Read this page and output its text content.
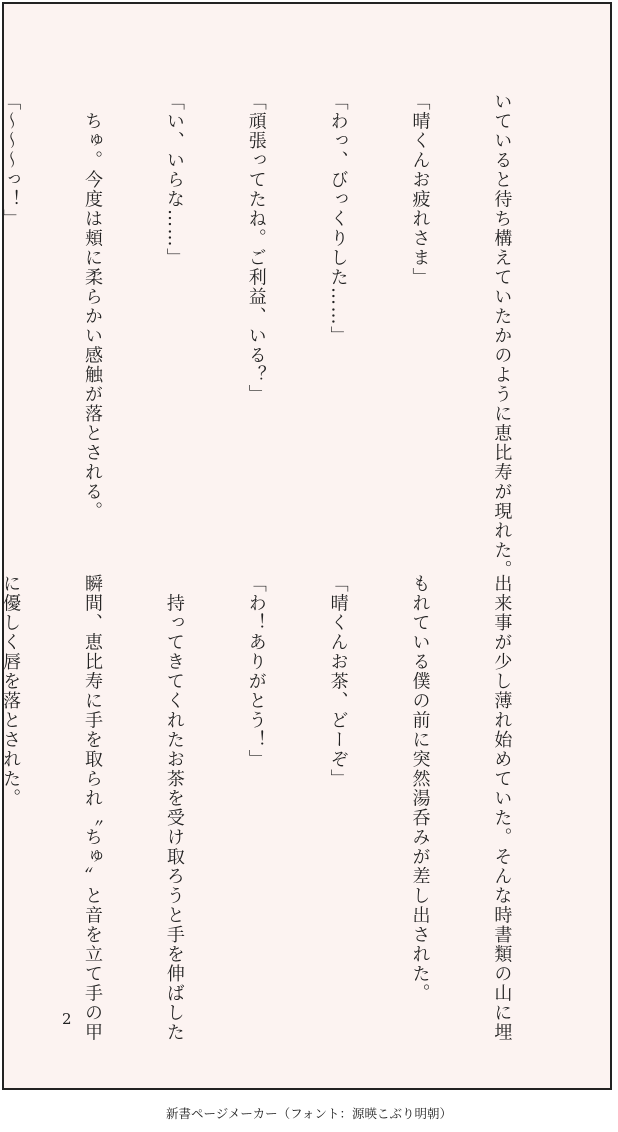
いていると待ち構えていたかのように恵比寿が現れた。

「晴くんお疲れさま」

「わっ、びっくりした……」

「頑張ってたね。ご利益、いる？」

「い、いらな……」

　ちゅ。今度は頬に柔らかい感触が落とされる。

「〜〜〜っ！」

出来事が少し薄れ始めていた。そんな時書類の山に埋

もれている僕の前に突然湯呑みが差し出された。

「晴くんお茶、どーぞ」

「わ！ありがとう！」

　持ってきてくれたお茶を受け取ろうと手を伸ばした

瞬間、恵比寿に手を取られ〝ちゅ〟と音を立て手の甲

に優しく唇を落とされた。

2
新書ページメーカー（フォント：源暎こぶり明朝）
